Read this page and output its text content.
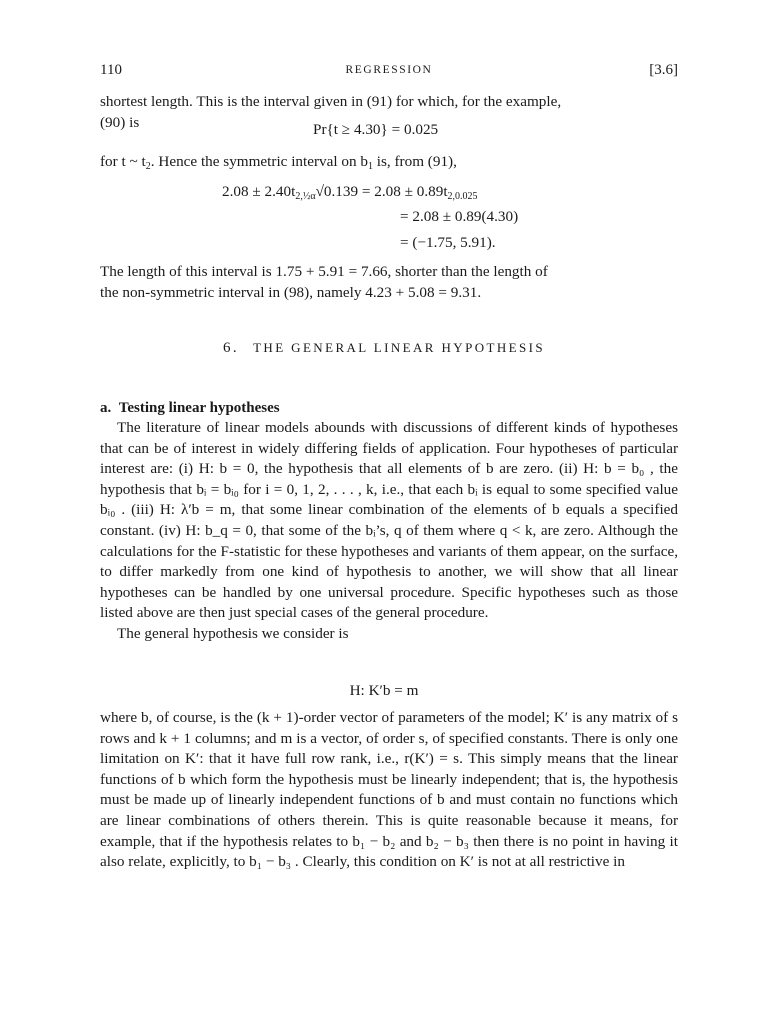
110	REGRESSION	[3.6]

shortest length. This is the interval given in (91) for which, for the example,

(90) is	Pr{t ≥ 4.30} = 0.025
for t ~ $t_2$. Hence the symmetric interval on $b_1$ is, from (91),
$2.08 \pm 2.40t_{2,\frac{1}{2}\alpha}√0.139 = 2.08 \pm 0.89t_{2,0.025}$
= 2.08 ± 0.89(4.30)
= (−1.75, 5.91).

The length of this interval is 1.75 + 5.91 = 7.66, shorter than the length of

the non-symmetric interval in (98), namely 4.23 + 5.08 = 9.31.

6. THE GENERAL LINEAR HYPOTHESIS
a. Testing linear hypotheses

The literature of linear models abounds with discussions of different kinds of hypotheses that can be of interest in widely differing fields of application. Four hypotheses of particular interest are: (i) H: b = 0, the hypothesis that all elements of b are zero. (ii) H: b = b₀ , the hypothesis that bᵢ = bᵢ₀ for i = 0, 1, 2, . . . , k, i.e., that each bᵢ is equal to some specified value bᵢ₀ . (iii) H: λ′b = m, that some linear combination of the elements of b equals a specified constant. (iv) H: b_q = 0, that some of the bᵢ’s, q of them where q < k, are zero. Although the calculations for the F-statistic for these hypotheses and variants of them appear, on the surface, to differ markedly from one kind of hypothesis to another, we will show that all linear hypotheses can be handled by one universal procedure. Specific hypotheses such as those listed above are then just special cases of the general procedure.

The general hypothesis we consider is

H: K′b = m

where b, of course, is the (k + 1)-order vector of parameters of the model; K′ is any matrix of s rows and k + 1 columns; and m is a vector, of order s, of specified constants. There is only one limitation on K′: that it have full row rank, i.e., r(K′) = s. This simply means that the linear functions of b which form the hypothesis must be linearly independent; that is, the hypothesis must be made up of linearly independent functions of b and must contain no functions which are linear combinations of others therein. This is quite reasonable because it means, for example, that if the hypothesis relates to b₁ − b₂ and b₂ − b₃ then there is no point in having it also relate, explicitly, to b₁ − b₃ . Clearly, this condition on K′ is not at all restrictive in
